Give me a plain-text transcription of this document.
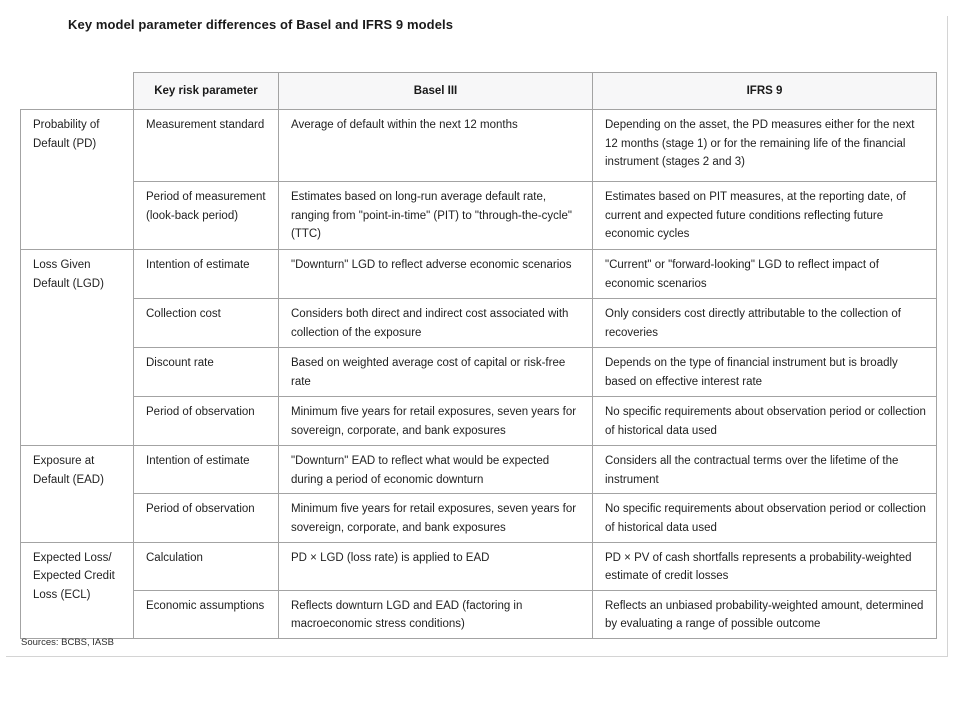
Key model parameter differences of Basel and IFRS 9 models
	Key risk parameter	Basel III	IFRS 9
Probability of Default (PD)	Measurement standard	Average of default within the next 12 months	Depending on the asset, the PD measures either for the next 12 months (stage 1) or for the remaining life of the financial instrument (stages 2 and 3)
	Period of measurement (look-back period)	Estimates based on long-run average default rate, ranging from "point-in-time" (PIT) to "through-the-cycle" (TTC)	Estimates based on PIT measures, at the reporting date, of current and expected future conditions reflecting future economic cycles
Loss Given Default (LGD)	Intention of estimate	"Downturn" LGD to reflect adverse economic scenarios	"Current" or "forward-looking" LGD to reflect impact of economic scenarios
	Collection cost	Considers both direct and indirect cost associated with collection of the exposure	Only considers cost directly attributable to the collection of recoveries
	Discount rate	Based on weighted average cost of capital or risk-free rate	Depends on the type of financial instrument but is broadly based on effective interest rate
	Period of observation	Minimum five years for retail exposures, seven years for sovereign, corporate, and bank exposures	No specific requirements about observation period or collection of historical data used
Exposure at Default (EAD)	Intention of estimate	"Downturn" EAD to reflect what would be expected during a period of economic downturn	Considers all the contractual terms over the lifetime of the instrument
	Period of observation	Minimum five years for retail exposures, seven years for sovereign, corporate, and bank exposures	No specific requirements about observation period or collection of historical data used
Expected Loss/ Expected Credit Loss (ECL)	Calculation	PD × LGD (loss rate) is applied to EAD	PD × PV of cash shortfalls represents a probability-weighted estimate of credit losses
	Economic assumptions	Reflects downturn LGD and EAD (factoring in macroeconomic stress conditions)	Reflects an unbiased probability-weighted amount, determined by evaluating a range of possible outcome
Sources: BCBS, IASB
